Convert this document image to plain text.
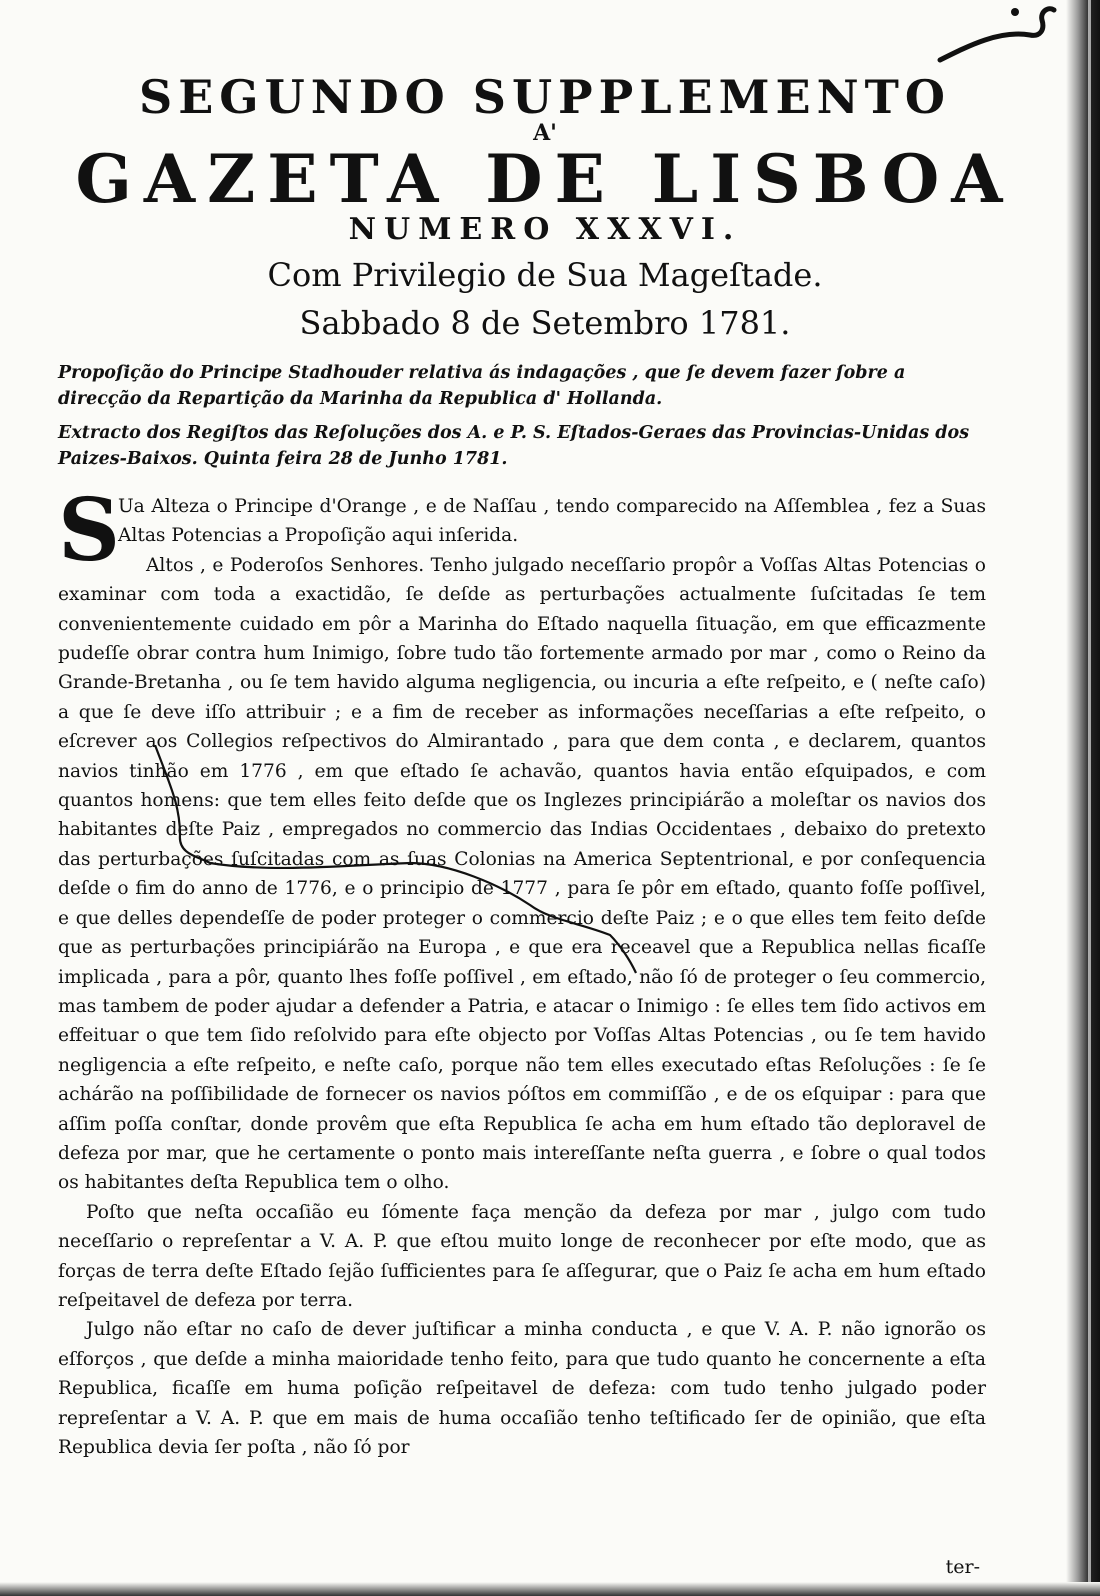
SEGUNDO SUPPLEMENTO
A'
GAZETA DE LISBOA
NUMERO XXXVI.
Com Privilegio de Sua Mageſtade.
Sabbado 8 de Setembro 1781.
Propoſição do Principe Stadhouder relativa ás indagações , que ſe devem fazer ſobre a direcção da Repartição da Marinha da Republica d' Hollanda.
Extracto dos Regiſtos das Reſoluções dos A. e P. S. Eſtados-Geraes das Provincias-Unidas dos Paizes-Baixos. Quinta feira 28 de Junho 1781.

S
Ua Alteza o Principe d'Orange , e de Naſſau , tendo comparecido na Aſſemblea , fez a Suas Altas Potencias a Propoſição aqui inſerida.

Altos , e Poderoſos Senhores. Tenho julgado neceſſario propôr a Voſſas Altas Potencias o examinar com toda a exactidão, ſe deſde as perturbações actualmente ſuſcitadas ſe tem convenientemente cuidado em pôr a Marinha do Eſtado naquella ſituação, em que efficazmente pudeſſe obrar contra hum Inimigo, ſobre tudo tão fortemente armado por mar , como o Reino da Grande-Bretanha , ou ſe tem havido alguma negligencia, ou incuria a eſte reſpeito, e ( neſte caſo) a que ſe deve iſſo attribuir ; e a fim de receber as informações neceſſarias a eſte reſpeito, o eſcrever aos Collegios reſpectivos do Almirantado , para que dem conta , e declarem, quantos navios tinhão em 1776 , em que eſtado ſe achavão, quantos havia então eſquipados, e com quantos homens: que tem elles feito deſde que os Inglezes principiárão a moleſtar os navios dos habitantes deſte Paiz , empregados no commercio das Indias Occidentaes , debaixo do pretexto das perturbações ſuſcitadas com as ſuas Colonias na America Septentrional, e por conſequencia deſde o fim do anno de 1776, e o principio de 1777 , para ſe pôr em eſtado, quanto foſſe poſſivel, e que delles dependeſſe de poder proteger o commercio deſte Paiz ; e o que elles tem feito deſde que as perturbações principiárão na Europa , e que era receavel que a Republica nellas ficaſſe implicada , para a pôr, quanto lhes foſſe poſſivel , em eſtado, não ſó de proteger o ſeu commercio, mas tambem de poder ajudar a defender a Patria, e atacar o Inimigo : ſe elles tem ſido activos em effeituar o que tem ſido reſolvido para eſte objecto por Voſſas Altas Potencias , ou ſe tem havido negligencia a eſte reſpeito, e neſte caſo, porque não tem elles executado eſtas Reſoluções : ſe ſe achárão na poſſibilidade de fornecer os navios póſtos em commiſſão , e de os eſquipar : para que aſſim poſſa conſtar, donde provêm que eſta Republica ſe acha em hum eſtado tão deploravel de defeza por mar, que he certamente o ponto mais intereſſante neſta guerra , e ſobre o qual todos os habitantes deſta Republica tem o olho.

Poſto que neſta occaſião eu ſómente faça menção da defeza por mar , julgo com tudo neceſſario o repreſentar a V. A. P. que eſtou muito longe de reconhecer por eſte modo, que as forças de terra deſte Eſtado ſejão ſufficientes para ſe aſſegurar, que o Paiz ſe acha em hum eſtado reſpeitavel de defeza por terra.

Julgo não eſtar no caſo de dever juſtificar a minha conducta , e que V. A. P. não ignorão os eſforços , que deſde a minha maioridade tenho feito, para que tudo quanto he concernente a eſta Republica, ficaſſe em huma poſição reſpeitavel de defeza: com tudo tenho julgado poder repreſentar a V. A. P. que em mais de huma occaſião tenho teſtificado ſer de opinião, que eſta Republica devia ſer poſta , não ſó por

ter-
